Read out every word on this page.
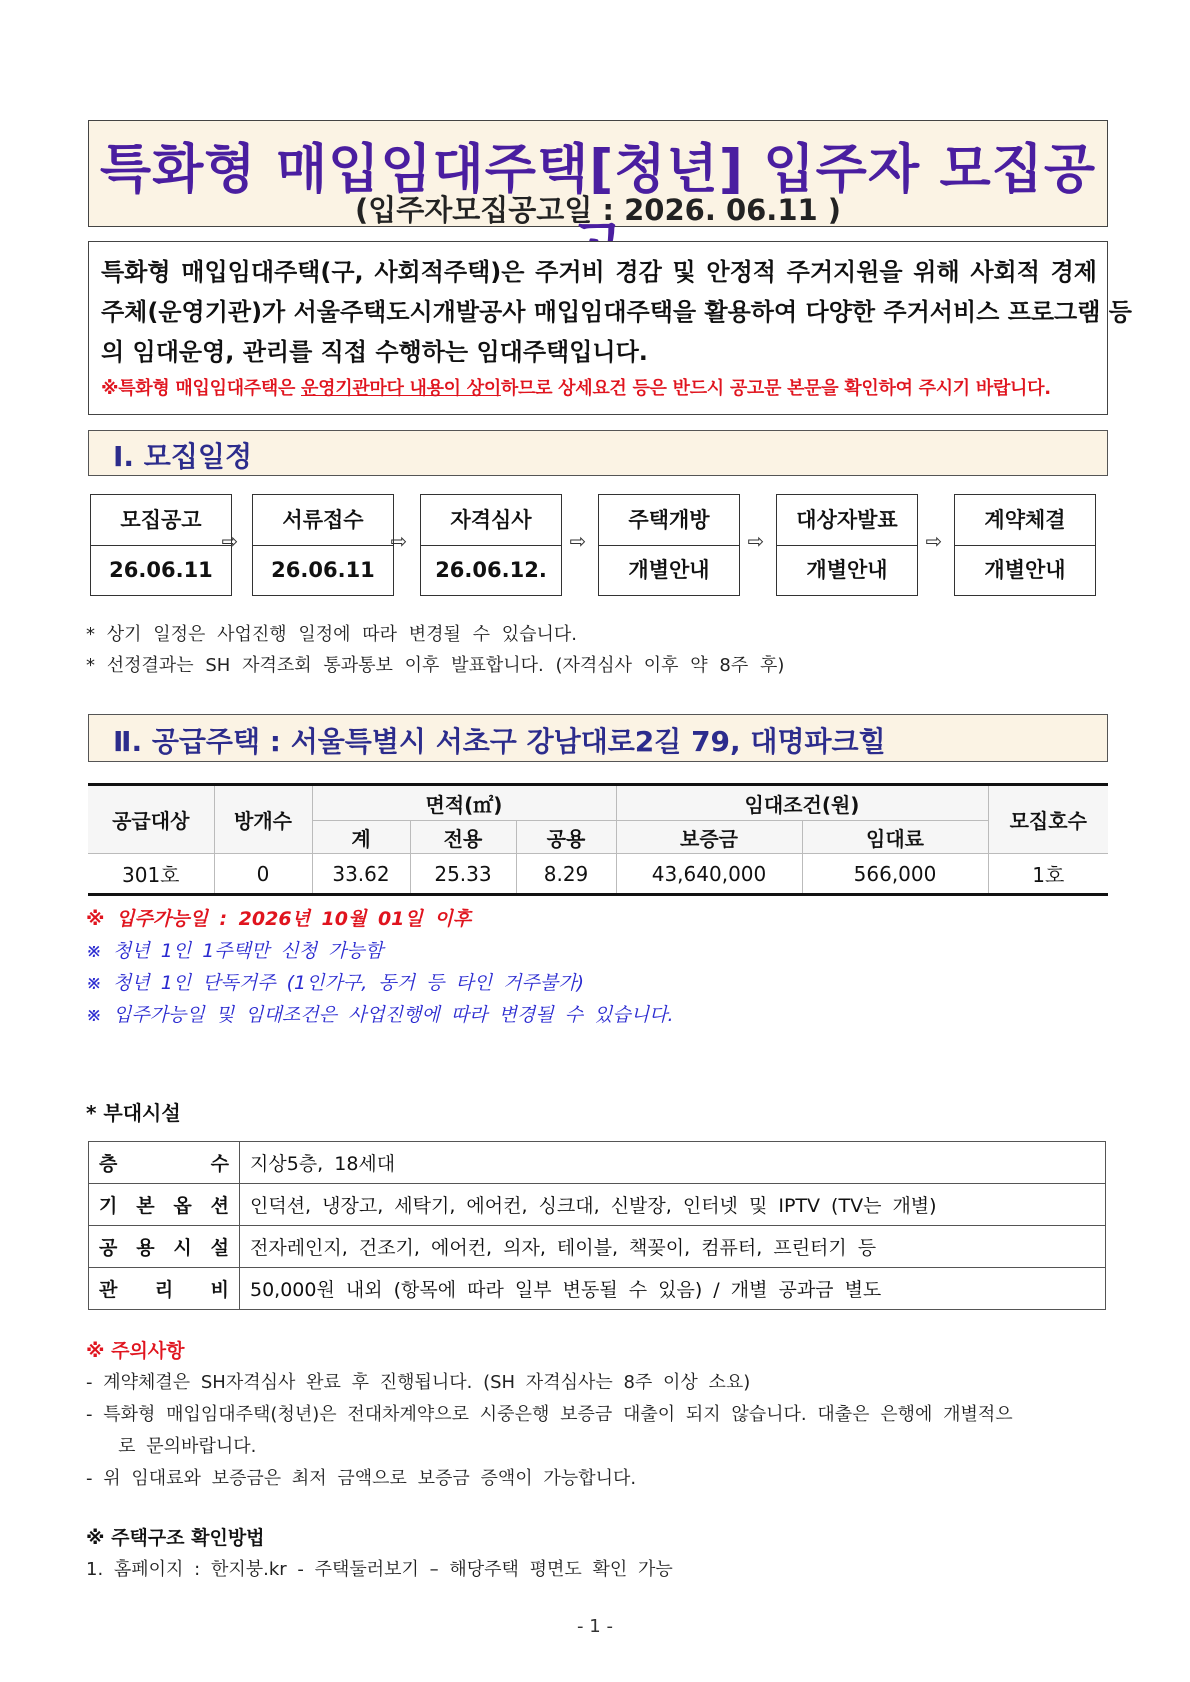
특화형 매입임대주택[청년] 입주자 모집공
(입주자모집공고일 : 2026. 06.11 )
특화형 매입임대주택(구, 사회적주택)은 주거비 경감 및 안정적 주거지원을 위해 사회적 경제
주체(운영기관)가 서울주택도시개발공사 매입임대주택을 활용하여 다양한 주거서비스 프로그램 등
의 임대운영, 관리를 직접 수행하는 임대주택입니다.
※특화형 매입임대주택은 운영기관마다 내용이 상이하므로 상세요건 등은 반드시 공고문 본문을 확인하여 주시기 바랍니다.
Ⅰ. 모집일정
모집공고
26.06.11
⇨
서류접수
26.06.11
⇨
자격심사
26.06.12.
⇨
주택개방
개별안내
⇨
대상자발표
개별안내
⇨
계약체결
개별안내
* 상기 일정은 사업진행 일정에 따라 변경될 수 있습니다.
* 선정결과는 SH 자격조회 통과통보 이후 발표합니다. (자격심사 이후 약 8주 후)
Ⅱ. 공급주택 : 서울특별시 서초구 강남대로2길 79, 대명파크힐
공급대상	방개수	면적(㎡)			임대조건(원)		모집호수
		계	전용	공용	보증금	임대료	
301호	0	33.62	25.33	8.29	43,640,000	566,000	1호
※ 입주가능일 : 2026년 10월 01일 이후
※ 청년 1인 1주택만 신청 가능함
※ 청년 1인 단독거주 (1인가구, 동거 등 타인 거주불가)
※ 입주가능일 및 임대조건은 사업진행에 따라 변경될 수 있습니다.
* 부대시설
층 수	지상5층, 18세대

기 본 옵 션	인덕션, 냉장고, 세탁기, 에어컨, 싱크대, 신발장, 인터넷 및 IPTV (TV는 개별)

공 용 시 설	전자레인지, 건조기, 에어컨, 의자, 테이블, 책꽂이, 컴퓨터, 프린터기 등

관 리 비	50,000원 내외 (항목에 따라 일부 변동될 수 있음) / 개별 공과금 별도
※ 주의사항
- 계약체결은 SH자격심사 완료 후 진행됩니다. (SH 자격심사는 8주 이상 소요)
- 특화형 매입임대주택(청년)은 전대차계약으로 시중은행 보증금 대출이 되지 않습니다. 대출은 은행에 개별적으
로 문의바랍니다.
- 위 임대료와 보증금은 최저 금액으로 보증금 증액이 가능합니다.
※ 주택구조 확인방법
1. 홈페이지 : 한지붕.kr - 주택둘러보기 – 해당주택 평면도 확인 가능
- 1 -
